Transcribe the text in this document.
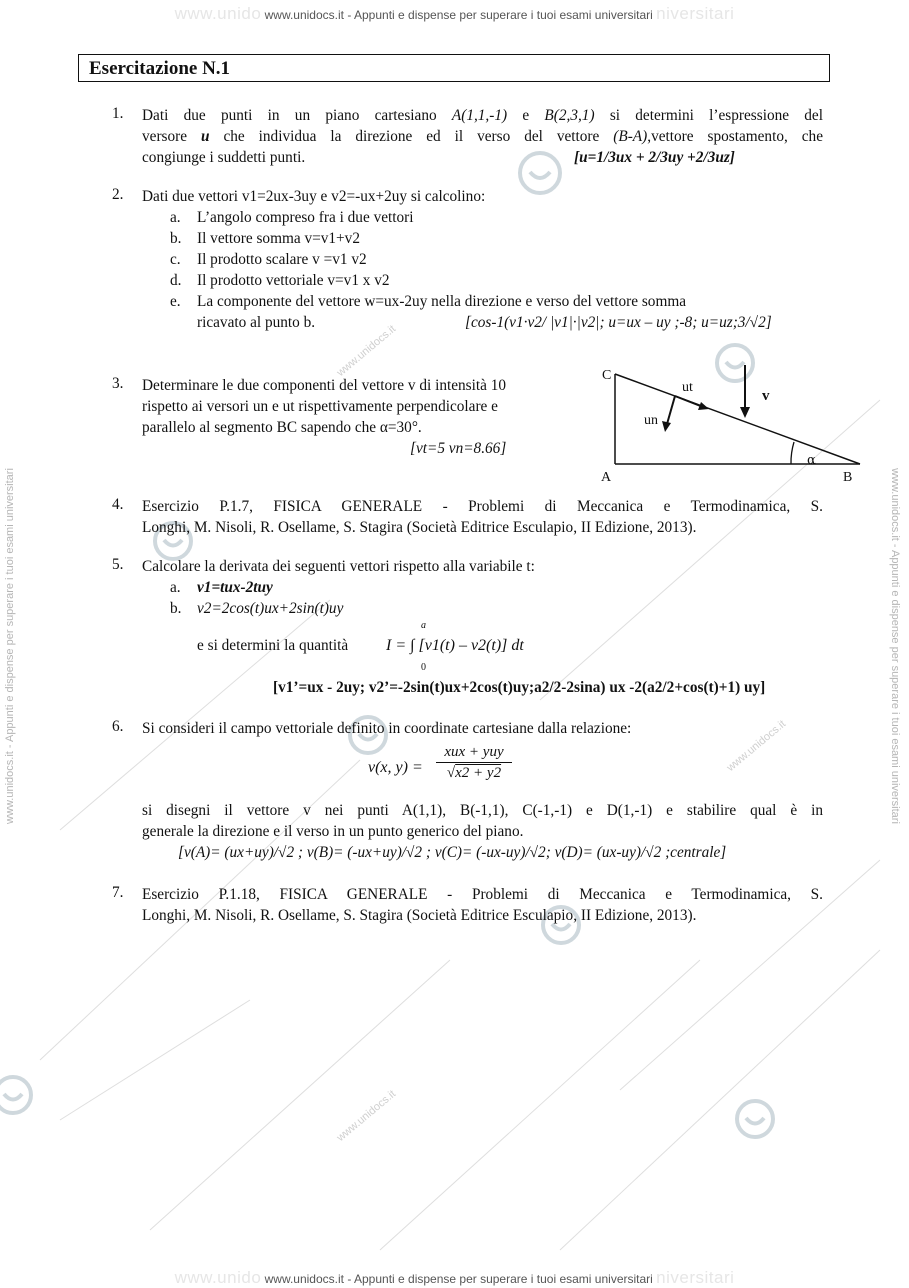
www.unido www.unidocs.it - Appunti e dispense per superare i tuoi esami universitari niversitari
www.unido www.unidocs.it - Appunti e dispense per superare i tuoi esami universitari niversitari
www.unidocs.it - Appunti e dispense per superare i tuoi esami universitari	www.unidocs.it - Appunti e dispense per superare i tuoi esami universitari
Esercitazione N.1
1. Dati due punti in un piano cartesiano A(1,1,-1) e B(2,3,1) si determini l’espressione del
versore u che individua la direzione ed il verso del vettore (B-A),vettore spostamento, che
congiunge i suddetti punti.	[u=1/3ux + 2/3uy +2/3uz]
2. Dati due vettori v1=2ux-3uy e v2=-ux+2uy si calcolino:
a. L’angolo compreso fra i due vettori
b. Il vettore somma v=v1+v2
c. Il prodotto scalare v =v1 v2
d. Il prodotto vettoriale v=v1 x v2
e. La componente del vettore w=ux-2uy nella direzione e verso del vettore somma
ricavato al punto b.	[cos-1(v1·v2/ |v1|·|v2|; u=ux – uy ;-8; u=uz;3/√2]
3. Determinare le due componenti del vettore v di intensità 10
rispetto ai versori un e ut rispettivamente perpendicolare e
parallelo al segmento BC sapendo che α=30°.
[vt=5 vn=8.66]
C
A	B
ut
un
v
α
4. Esercizio P.1.7, FISICA GENERALE - Problemi di Meccanica e Termodinamica, S.
Longhi, M. Nisoli, R. Osellame, S. Stagira (Società Editrice Esculapio, II Edizione, 2013).
5. Calcolare la derivata dei seguenti vettori rispetto alla variabile t:
a. v1=tux-2tuy
b. v2=2cos(t)ux+2sin(t)uy
e si determini la quantità
a
0
I = ∫ [v1(t) – v2(t)] dt
[v1’=ux - 2uy; v2’=-2sin(t)ux+2cos(t)uy;a2/2-2sina) ux -2(a2/2+cos(t)+1) uy]
6. Si consideri il campo vettoriale definito in coordinate cartesiane dalla relazione:
v(x, y) =
xux + yuy
√x2 + y2
si disegni il vettore v nei punti A(1,1), B(-1,1), C(-1,-1) e D(1,-1) e stabilire qual è in
generale la direzione e il verso in un punto generico del piano.
[v(A)= (ux+uy)/√2 ; v(B)= (-ux+uy)/√2 ; v(C)= (-ux-uy)/√2; v(D)= (ux-uy)/√2 ;centrale]
7. Esercizio P.1.18, FISICA GENERALE - Problemi di Meccanica e Termodinamica, S.
Longhi, M. Nisoli, R. Osellame, S. Stagira (Società Editrice Esculapio, II Edizione, 2013).
www.unidocs.it
www.unidocs.it
www.unidocs.it
